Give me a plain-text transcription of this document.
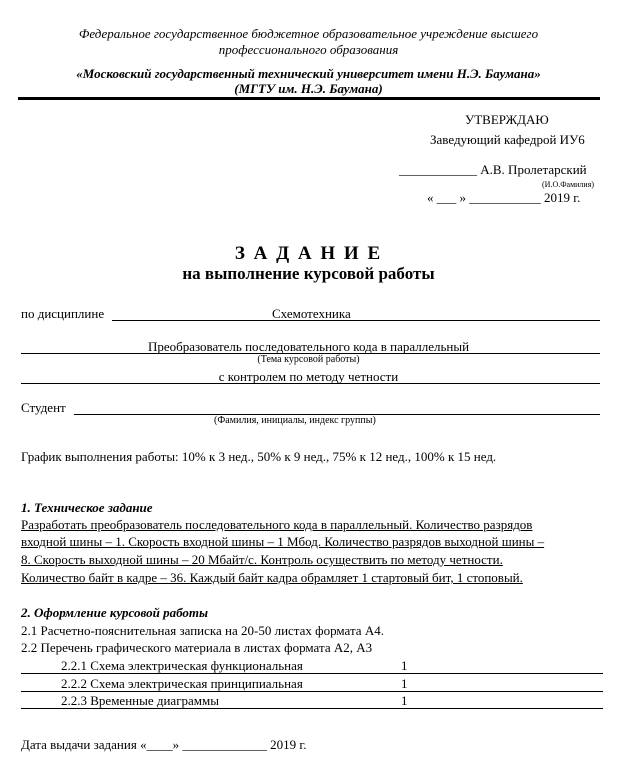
Федеральное государственное бюджетное образовательное учреждение высшего
профессионального образования
«Московский государственный технический университет имени Н.Э. Баумана»
(МГТУ им. Н.Э. Баумана)
УТВЕРЖДАЮ
Заведующий кафедрой ИУ6
____________ А.В. Пролетарский
(И.О.Фамилия)
« ___ » ___________ 2019 г.
З А Д А Н И Е
на выполнение курсовой работы
по дисциплине	Схемотехника
Преобразователь последовательного кода в параллельный
(Тема курсовой работы)
с контролем по методу четности
Студент
(Фамилия, инициалы, индекс группы)
График выполнения работы: 10% к 3 нед., 50% к 9 нед., 75% к 12 нед., 100% к 15 нед.
1. Техническое задание
Разработать преобразователь последовательного кода в параллельный. Количество разрядов
входной шины – 1. Скорость входной шины – 1 Мбод. Количество разрядов выходной шины –
8. Скорость выходной шины – 20 Мбайт/с. Контроль осуществить по методу четности.
Количество байт в кадре – 36. Каждый байт кадра обрамляет 1 стартовый бит, 1 стоповый.
2. Оформление курсовой работы
2.1 Расчетно-пояснительная записка на 20-50 листах формата А4.
2.2 Перечень графического материала в листах формата А2, А3
2.2.1 Схема электрическая функциональная	1
2.2.2 Схема электрическая принципиальная	1
2.2.3 Временные диаграммы	1
Дата выдачи задания «____» _____________ 2019 г.
